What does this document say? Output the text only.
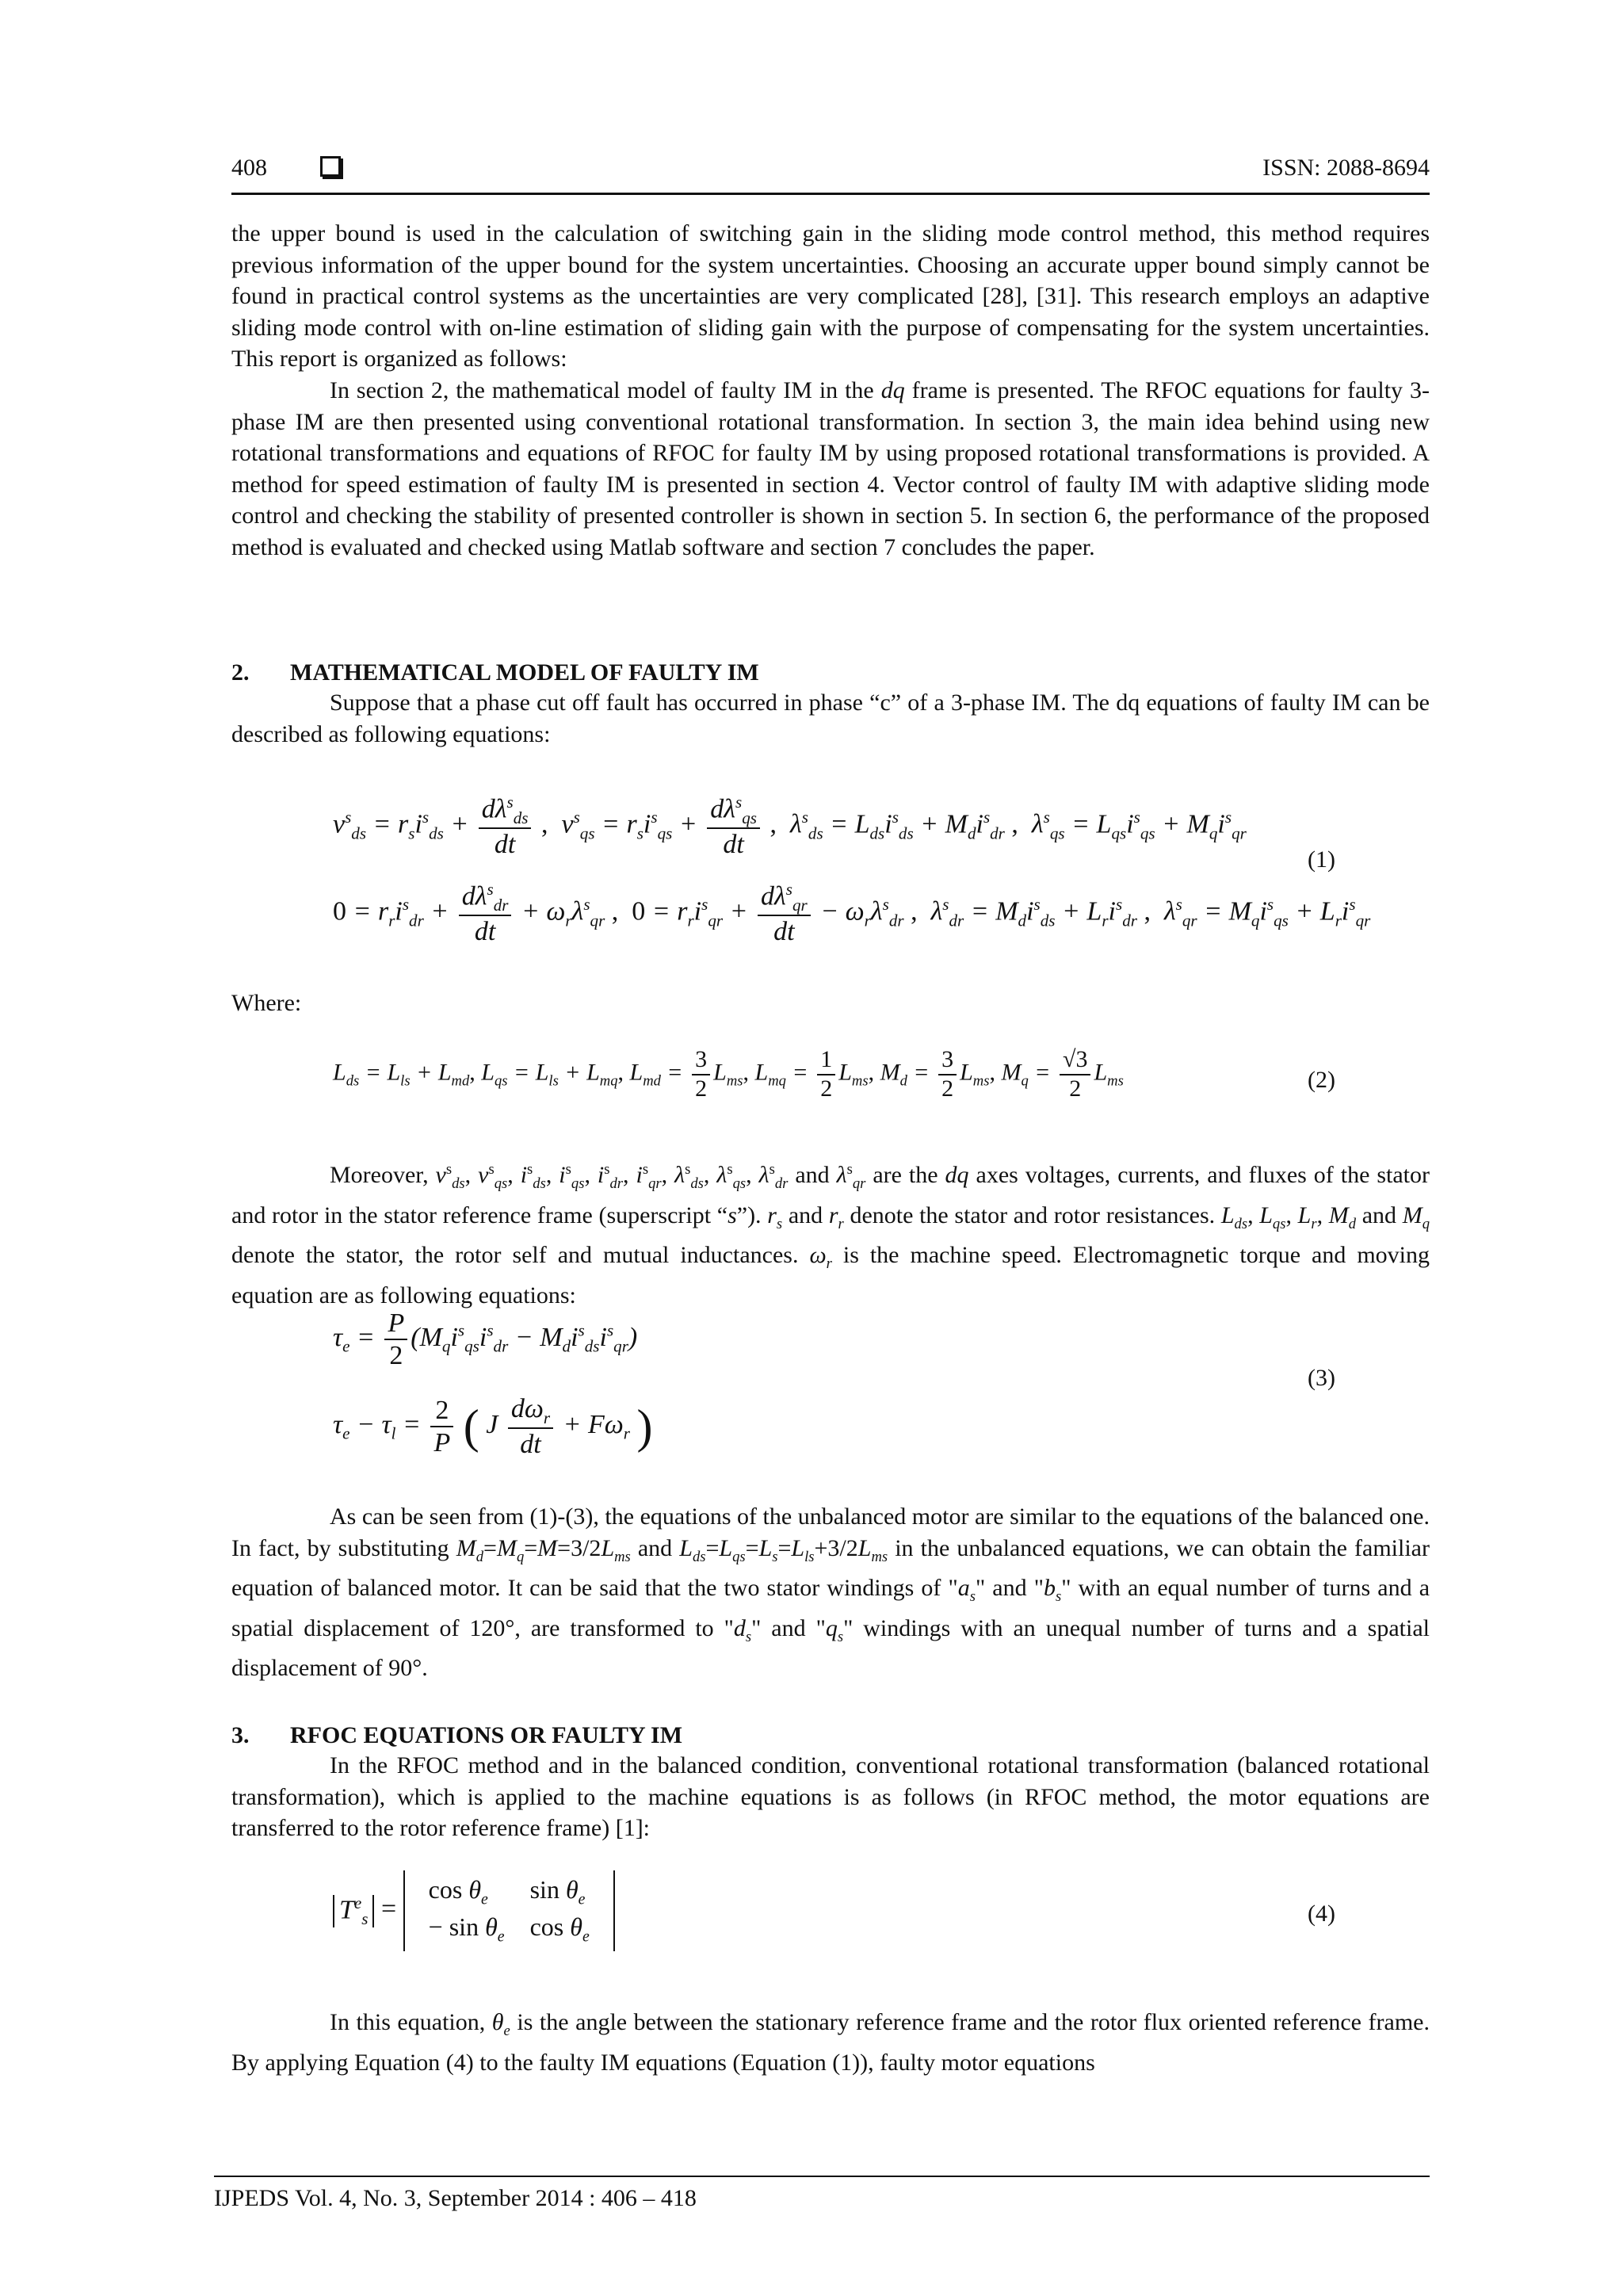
408	ISSN: 2088-8694
the upper bound is used in the calculation of switching gain in the sliding mode control method, this method requires previous information of the upper bound for the system uncertainties. Choosing an accurate upper bound simply cannot be found in practical control systems as the uncertainties are very complicated [28], [31]. This research employs an adaptive sliding mode control with on-line estimation of sliding gain with the purpose of compensating for the system uncertainties. This report is organized as follows:
In section 2, the mathematical model of faulty IM in the dq frame is presented. The RFOC equations for faulty 3-phase IM are then presented using conventional rotational transformation. In section 3, the main idea behind using new rotational transformations and equations of RFOC for faulty IM by using proposed rotational transformations is provided. A method for speed estimation of faulty IM is presented in section 4. Vector control of faulty IM with adaptive sliding mode control and checking the stability of presented controller is shown in section 5. In section 6, the performance of the proposed method is evaluated and checked using Matlab software and section 7 concludes the paper.
2. MATHEMATICAL MODEL OF FAULTY IM
Suppose that a phase cut off fault has occurred in phase “c” of a 3-phase IM. The dq equations of faulty IM can be described as following equations:
$v^s_{ds} = r_si^s_{ds} + \frac{d\lambda^s_{ds}}{dt}$ ,  $v^s_{qs} = r_si^s_{qs} + \frac{d\lambda^s_{qs}}{dt}$ ,  $\lambda^s_{ds} = L_{ds}i^s_{ds} + M_di^s_{dr}$ ,  $\lambda^s_{qs} = L_{qs}i^s_{qs} + M_qi^s_{qr}$
(1)
$0 = r_ri^s_{dr} + \frac{d\lambda^s_{dr}}{dt} + \omega_r\lambda^s_{qr}$ , $0 = r_ri^s_{qr} + \frac{d\lambda^s_{qr}}{dt} - \omega_r\lambda^s_{dr}$ ,  $\lambda^s_{dr} = M_di^s_{ds} + L_ri^s_{dr}$ ,  $\lambda^s_{qr} = M_qi^s_{qs} + L_ri^s_{qr}$
Where:
$L_{ds} = L_{ls} + L_{md}$, $L_{qs} = L_{ls} + L_{mq}$, $L_{md} = \frac{3}{2} L_{ms}$, $L_{mq} = \frac{1}{2} L_{ms}$, $M_d = \frac{3}{2} L_{ms}$, $M_q = \frac{√3}{2} L_{ms}$	(2)
Moreover, $v^s_{ds}$, $v^s_{qs}$, $i^s_{ds}$, $i^s_{qs}$, $i^s_{dr}$, $i^s_{qr}$, $\lambda^s_{ds}$, $\lambda^s_{qs}$, $\lambda^s_{dr}$ and $\lambda^s_{qr}$ are the dq axes voltages, currents, and fluxes of the stator and rotor in the stator reference frame (superscript “s”). $r_s$ and $r_r$ denote the stator and rotor resistances. $L_{ds}$, $L_{qs}$, $L_r$, $M_d$ and $M_q$ denote the stator, the rotor self and mutual inductances. $\omega_r$ is the machine speed. Electromagnetic torque and moving equation are as following equations:
$\tau_e = \frac{P}{2} (M_qi^s_{qs}i^s_{dr} - M_di^s_{ds}i^s_{qr})$
(3)
$\tau_e - \tau_l = \frac{2}{P}$ ( J $\frac{d\omega_r}{dt} + F\omega_r$ )
As can be seen from (1)-(3), the equations of the unbalanced motor are similar to the equations of the balanced one. In fact, by substituting $M_d=M_q=M=3/2L_{ms}$ and $L_{ds}=L_{qs}=L_s=L_{ls}+3/2L_{ms}$ in the unbalanced equations, we can obtain the familiar equation of balanced motor. It can be said that the two stator windings of "$a_s$" and "$b_s$" with an equal number of turns and a spatial displacement of 120°, are transformed to "$d_s$" and "$q_s$" windings with an unequal number of turns and a spatial displacement of 90°.
3. RFOC EQUATIONS OR FAULTY IM
In the RFOC method and in the balanced condition, conventional rotational transformation (balanced rotational transformation), which is applied to the machine equations is as follows (in RFOC method, the motor equations are transferred to the rotor reference frame) [1]:
$T^e_s$ =
$\cos \theta_e$	$\sin \theta_e$
− $\sin \theta_e$	$\cos \theta_e$
(4)
In this equation, $\theta_e$ is the angle between the stationary reference frame and the rotor flux oriented reference frame. By applying Equation (4) to the faulty IM equations (Equation (1)), faulty motor equations
IJPEDS Vol. 4, No. 3, September 2014 : 406 – 418
